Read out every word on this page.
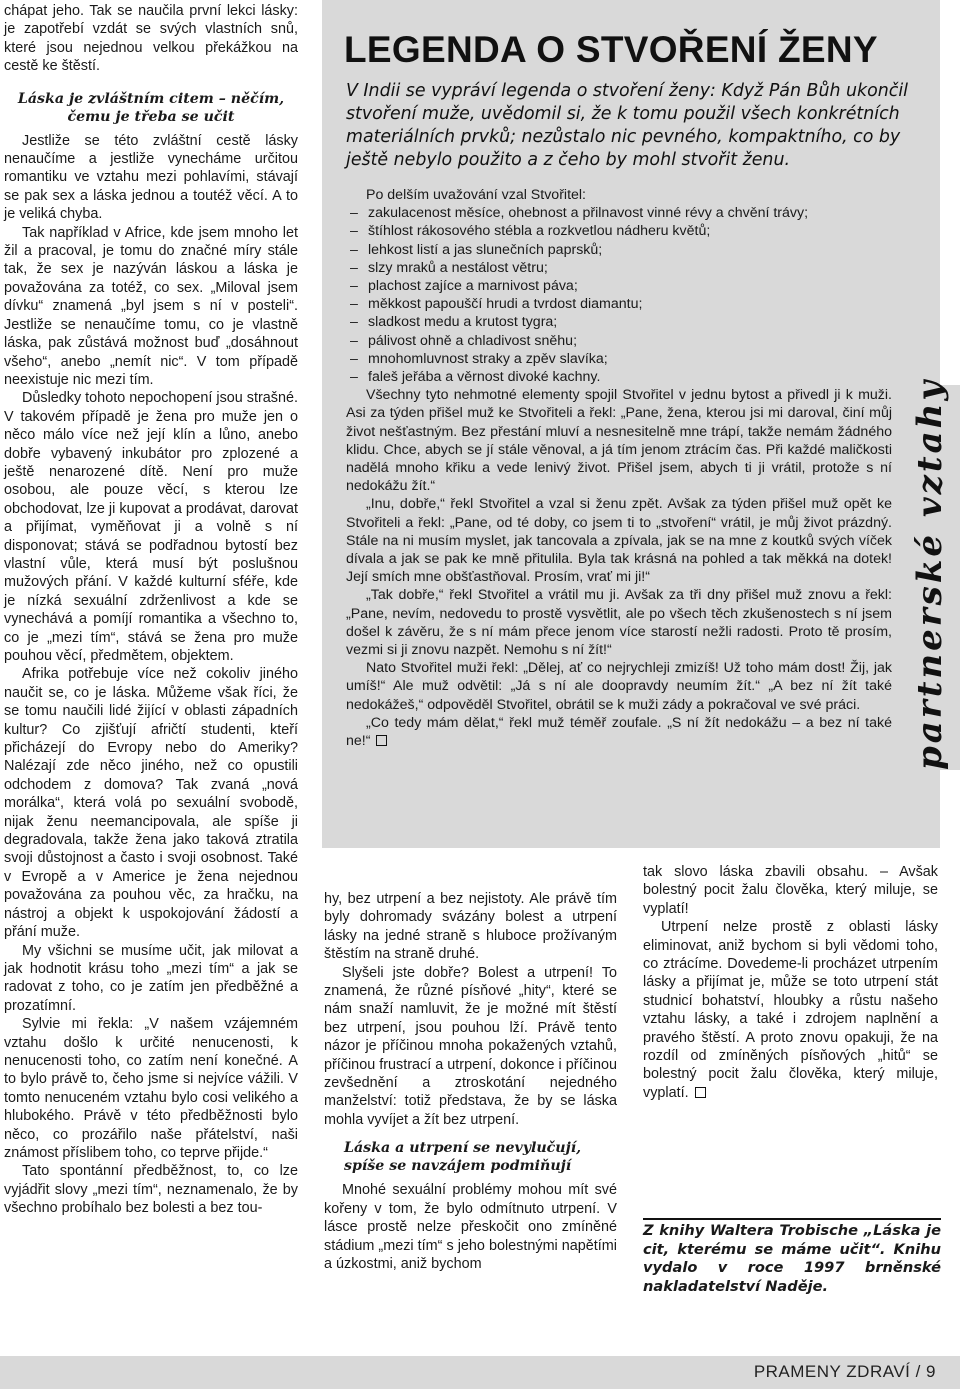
chápat jeho. Tak se naučila první lekci lásky: je zapotřebí vzdát se svých vlastních snů, které jsou nejednou velkou překážkou na cestě ke štěstí.

Láska je zvláštním citem – něčím, čemu je třeba se učit

Jestliže se této zvláštní cestě lásky nenaučíme a jestliže vynecháme určitou romantiku ve vztahu mezi pohlavími, stávají se pak sex a láska jednou a toutéž věcí. A to je veliká chyba.

Tak například v Africe, kde jsem mnoho let žil a pracoval, je tomu do značné míry stále tak, že sex je nazýván láskou a láska je považována za totéž, co sex. „Miloval jsem dívku“ znamená „byl jsem s ní v posteli“. Jestliže se nenaučíme tomu, co je vlastně láska, pak zůstává možnost buď „dosáhnout všeho“, anebo „nemít nic“. V tom případě neexistuje nic mezi tím.

Důsledky tohoto nepochopení jsou strašné. V takovém případě je žena pro muže jen o něco málo více než její klín a lůno, anebo dobře vybavený inkubátor pro zplozené a ještě nenarozené dítě. Není pro muže osobou, ale pouze věcí, s kterou lze obchodovat, lze ji kupovat a prodávat, darovat a přijímat, vyměňovat ji a volně s ní disponovat; stává se podřadnou bytostí bez vlastní vůle, která musí být poslušnou mužových přání. V každé kulturní sféře, kde je nízká sexuální zdrženlivost a kde se vynechává a pomíjí romantika a všechno to, co je „mezi tím“, stává se žena pro muže pouhou věcí, předmětem, objektem.

Afrika potřebuje více než cokoliv jiného naučit se, co je láska. Můžeme však říci, že se tomu naučili lidé žijící v oblasti západních kultur? Co zjišťují afričtí studenti, kteří přicházejí do Evropy nebo do Ameriky? Nalézají zde něco jiného, než co opustili odchodem z domova? Tak zvaná „nová morálka“, která volá po sexuální svobodě, nijak ženu neemancipovala, ale spíše ji degradovala, takže žena jako taková ztratila svoji důstojnost a často i svoji osobnost. Také v Evropě a v Americe je žena nejednou považována za pouhou věc, za hračku, na nástroj a objekt k uspokojování žádostí a přání muže.

My všichni se musíme učit, jak milovat a jak hodnotit krásu toho „mezi tím“ a jak se radovat z toho, co je zatím jen předběžné a prozatímní.

Sylvie mi řekla: „V našem vzájemném vztahu došlo k určité nenucenosti, k nenucenosti toho, co zatím není konečné. A to bylo právě to, čeho jsme si nejvíce vážili. V tomto nenuceném vztahu bylo cosi velikého a hlubokého. Právě v této předběžnosti bylo něco, co prozářilo naše přátelství, naši známost příslibem toho, co teprve přijde.“

Tato spontánní předběžnost, to, co lze vyjádřit slovy „mezi tím“, neznamenalo, že by všechno probíhalo bez bolesti a bez tou-

LEGENDA O STVOŘENÍ ŽENY
V Indii se vypráví legenda o stvoření ženy: Když Pán Bůh ukončil stvoření muže, uvědomil si, že k tomu použil všech konkrétních materiálních prvků; nezůstalo nic pevného, kompaktního, co by ještě nebylo použito a z čeho by mohl stvořit ženu.

Po delším uvažování vzal Stvořitel:

– zakulacenost měsíce, ohebnost a přilnavost vinné révy a chvění trávy;
– štíhlost rákosového stébla a rozkvetlou nádheru květů;
– lehkost listí a jas slunečních paprsků;
– slzy mraků a nestálost větru;
– plachost zajíce a marnivost páva;
– měkkost papouščí hrudi a tvrdost diamantu;
– sladkost medu a krutost tygra;
– pálivost ohně a chladivost sněhu;
– mnohomluvnost straky a zpěv slavíka;
– faleš jeřába a věrnost divoké kachny.

Všechny tyto nehmotné elementy spojil Stvořitel v jednu bytost a přivedl ji k muži. Asi za týden přišel muž ke Stvořiteli a řekl: „Pane, žena, kterou jsi mi daroval, činí můj život nešťastným. Bez přestání mluví a nesnesitelně mne trápí, takže nemám žádného klidu. Chce, abych se jí stále věnoval, a já tím jenom ztrácím čas. Při každé maličkosti nadělá mnoho křiku a vede lenivý život. Přišel jsem, abych ti ji vrátil, protože s ní nedokážu žít.“

„Inu, dobře,“ řekl Stvořitel a vzal si ženu zpět. Avšak za týden přišel muž opět ke Stvořiteli a řekl: „Pane, od té doby, co jsem ti to „stvoření“ vrátil, je můj život prázdný. Stále na ni musím myslet, jak tancovala a zpívala, jak se na mne z koutků svých víček dívala a jak se pak ke mně přitulila. Byla tak krásná na pohled a tak měkká na dotek! Její smích mne obšťastňoval. Prosím, vrať mi ji!“

„Tak dobře,“ řekl Stvořitel a vrátil mu ji. Avšak za tři dny přišel muž znovu a řekl: „Pane, nevím, nedovedu to prostě vysvětlit, ale po všech těch zkušenostech s ní jsem došel k závěru, že s ní mám přece jenom více starostí nežli radosti. Proto tě prosím, vezmi si ji znovu nazpět. Nemohu s ní žít!“

Nato Stvořitel muži řekl: „Dělej, ať co nejrychleji zmizíš! Už toho mám dost! Žij, jak umíš!“ Ale muž odvětil: „Já s ní ale doopravdy neumím žít.“ „A bez ní žít také nedokážeš,“ odpověděl Stvořitel, obrátil se k muži zády a pokračoval ve své práci.

„Co tedy mám dělat,“ řekl muž téměř zoufale. „S ní žít nedokážu – a bez ní také ne!“	partnerské vztahy

hy, bez utrpení a bez nejistoty. Ale právě tím byly dohromady svázány bolest a utrpení lásky na jedné straně s hluboce prožívaným štěstím na straně druhé.

Slyšeli jste dobře? Bolest a utrpení! To znamená, že různé písňové „hity“, které se nám snaží namluvit, že je možné mít štěstí bez utrpení, jsou pouhou lží. Právě tento názor je příčinou mnoha pokažených vztahů, příčinou frustrací a utrpení, dokonce i příčinou zevšednění a ztroskotání nejedného manželství: totiž představa, že by se láska mohla vyvíjet a žít bez utrpení.

Láska a utrpení se nevylučují, spíše se navzájem podmiňují

Mnohé sexuální problémy mohou mít své kořeny v tom, že bylo odmítnuto utrpení. V lásce prostě nelze přeskočit ono zmíněné stádium „mezi tím“ s jeho bolestnými napětími a úzkostmi, aniž bychom

tak slovo láska zbavili obsahu. – Avšak bolestný pocit žalu člověka, který miluje, se vyplatí!

Utrpení nelze prostě z oblasti lásky eliminovat, aniž bychom si byli vědomi toho, co ztrácíme. Dovedeme-li procházet utrpením lásky a přijímat je, může se toto utrpení stát studnicí bohatství, hloubky a růstu našeho vztahu lásky, a také i zdrojem naplnění a pravého štěstí. A proto znovu opakuji, že na rozdíl od zmíněných písňových „hitů“ se bolestný pocit žalu člověka, který miluje, vyplatí.

Z knihy Waltera Trobische „Láska je cit, kterému se máme učit“. Knihu vydalo v roce 1997 brněnské nakladatelství Naděje.
PRAMENY ZDRAVÍ / 9
